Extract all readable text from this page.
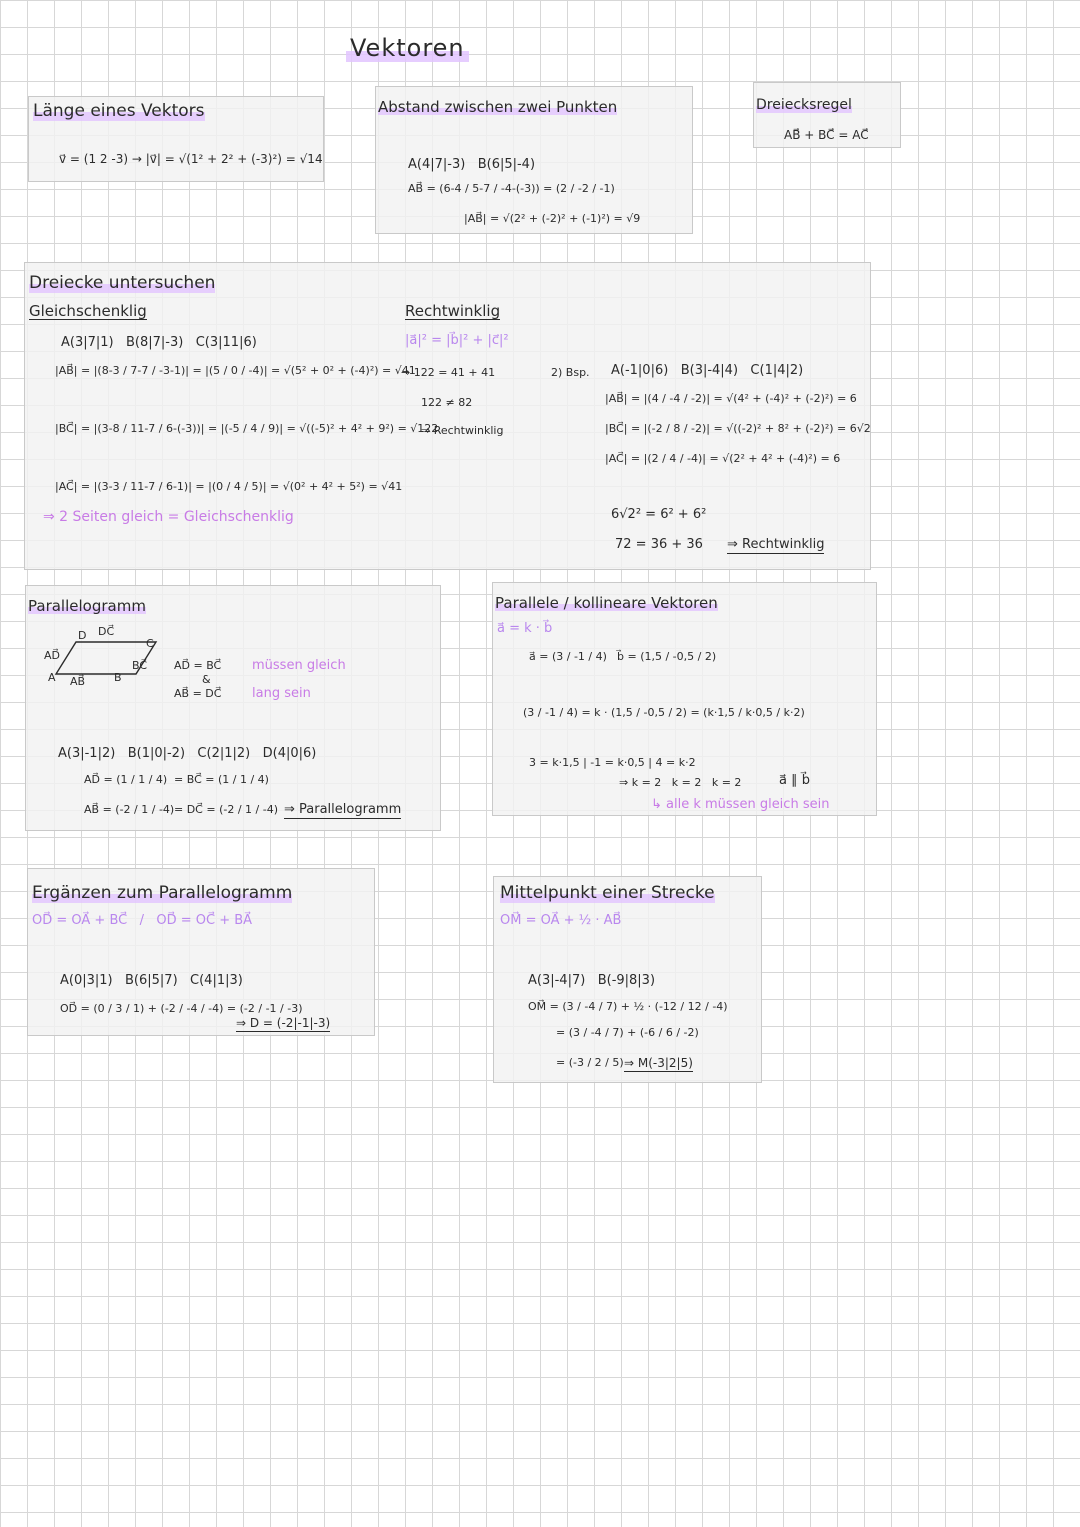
Vektoren
Länge eines Vektors
v⃗ = (1 2 -3) → |v⃗| = √(1² + 2² + (-3)²) = √14
Abstand zwischen zwei Punkten
A(4|7|-3)   B(6|5|-4)
AB⃗ = (6-4 / 5-7 / -4-(-3)) = (2 / -2 / -1)
|AB⃗| = √(2² + (-2)² + (-1)²) = √9
Dreiecksregel
AB⃗ + BC⃗ = AC⃗
Dreiecke untersuchen
Gleichschenklig
A(3|7|1)   B(8|7|-3)   C(3|11|6)
|AB⃗| = |(8-3 / 7-7 / -3-1)| = |(5 / 0 / -4)| = √(5² + 0² + (-4)²) = √41
|BC⃗| = |(3-8 / 11-7 / 6-(-3))| = |(-5 / 4 / 9)| = √((-5)² + 4² + 9²) = √122
|AC⃗| = |(3-3 / 11-7 / 6-1)| = |(0 / 4 / 5)| = √(0² + 4² + 5²) = √41
⇒ 2 Seiten gleich = Gleichschenklig
Rechtwinklig
|a⃗|² = |b⃗|² + |c⃗|²
→ 122 = 41 + 41
122 ≠ 82
⇒ Rechtwinklig
2) Bsp. A(-1|0|6)   B(3|-4|4)   C(1|4|2)
|AB⃗| = |(4 / -4 / -2)| = √(4² + (-4)² + (-2)²) = 6
|BC⃗| = |(-2 / 8 / -2)| = √((-2)² + 8² + (-2)²) = 6√2
|AC⃗| = |(2 / 4 / -4)| = √(2² + 4² + (-4)²) = 6
6√2² = 6² + 6²
72 = 36 + 36 ⇒ Rechtwinklig
Parallelogramm
A	B
C
D DC⃗
AD⃗
BC⃗
AB⃗
AD⃗ = BC⃗
&
AB⃗ = DC⃗
müssen gleich
lang sein
A(3|-1|2)   B(1|0|-2)   C(2|1|2)   D(4|0|6)
AD⃗ = (1 / 1 / 4) = BC⃗ = (1 / 1 / 4)
AB⃗ = (-2 / 1 / -4) = DC⃗ = (-2 / 1 / -4) ⇒ Parallelogramm
Parallele / kollineare Vektoren
a⃗ = k · b⃗
a⃗ = (3 / -1 / 4) b⃗ = (1,5 / -0,5 / 2)
(3 / -1 / 4) = k · (1,5 / -0,5 / 2) = (k·1,5 / k·0,5 / k·2)
3 = k·1,5 | -1 = k·0,5 | 4 = k·2
⇒ k = 2   k = 2   k = 2	a⃗ ∥ b⃗
↳ alle k müssen gleich sein
Ergänzen zum Parallelogramm
OD⃗ = OA⃗ + BC⃗   /   OD⃗ = OC⃗ + BA⃗
A(0|3|1)   B(6|5|7)   C(4|1|3)
OD⃗ = (0 / 3 / 1) + (-2 / -4 / -4) = (-2 / -1 / -3)
⇒ D = (-2|-1|-3)
Mittelpunkt einer Strecke
OM⃗ = OA⃗ + ½ · AB⃗
A(3|-4|7)   B(-9|8|3)
OM⃗ = (3 / -4 / 7) + ½ · (-12 / 12 / -4)
= (3 / -4 / 7) + (-6 / 6 / -2)
= (-3 / 2 / 5) ⇒ M(-3|2|5)
